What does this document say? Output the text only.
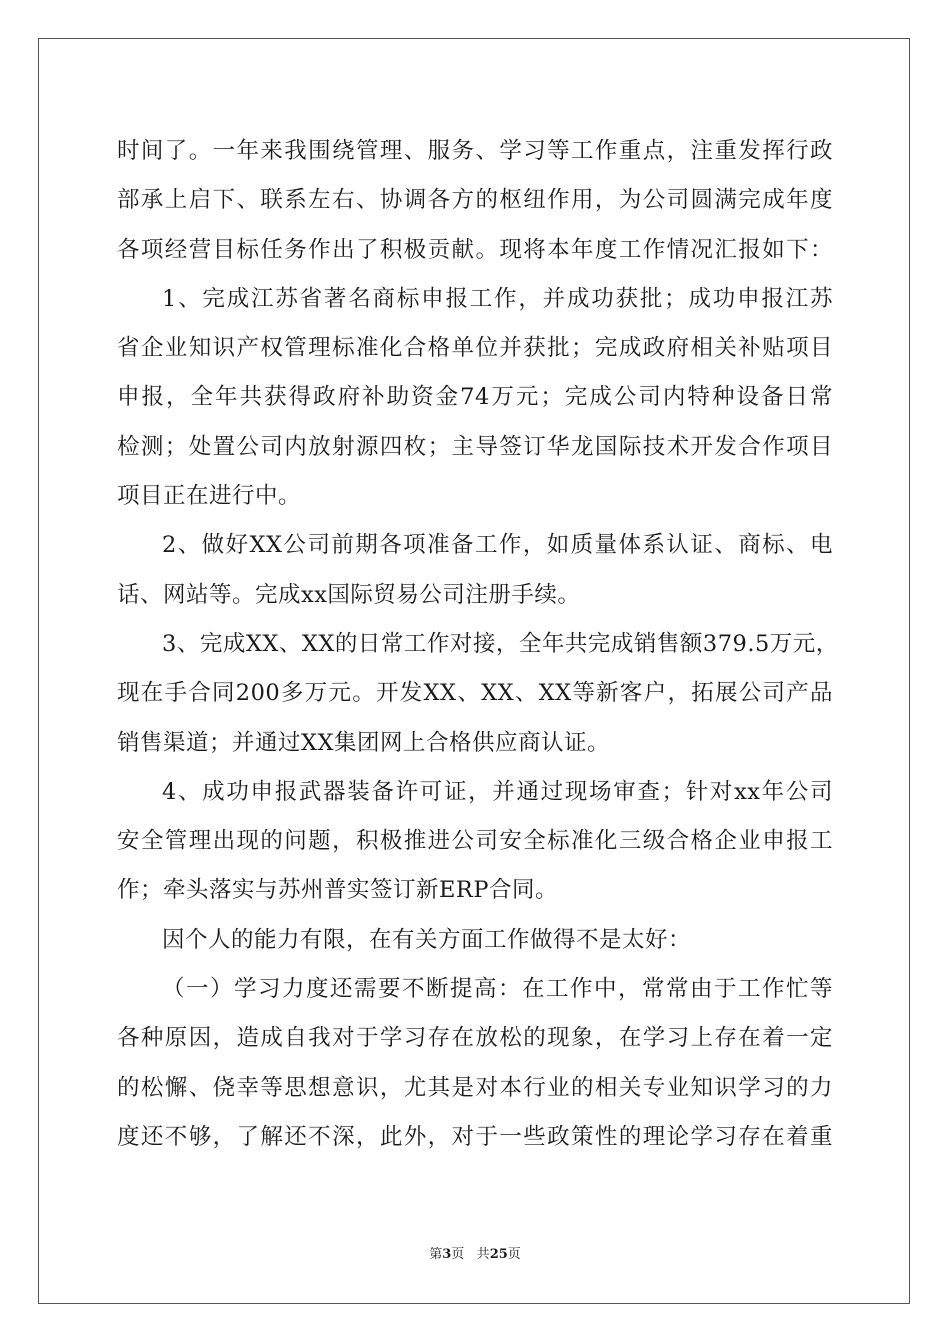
时间了。一年来我围绕管理、服务、学习等工作重点，注重发挥行政
部承上启下、联系左右、协调各方的枢纽作用，为公司圆满完成年度
各项经营目标任务作出了积极贡献。现将本年度工作情况汇报如下：
1、完成江苏省著名商标申报工作，并成功获批；成功申报江苏
省企业知识产权管理标准化合格单位并获批；完成政府相关补贴项目
申报，全年共获得政府补助资金74万元；完成公司内特种设备日常
检测；处置公司内放射源四枚；主导签订华龙国际技术开发合作项目
项目正在进行中。
2、做好XX公司前期各项准备工作，如质量体系认证、商标、电
话、网站等。完成xx国际贸易公司注册手续。
3、完成XX、XX的日常工作对接，全年共完成销售额379.5万元，
现在手合同200多万元。开发XX、XX、XX等新客户，拓展公司产品
销售渠道；并通过XX集团网上合格供应商认证。
4、成功申报武器装备许可证，并通过现场审查；针对xx年公司
安全管理出现的问题，积极推进公司安全标准化三级合格企业申报工
作；牵头落实与苏州普实签订新ERP合同。
因个人的能力有限，在有关方面工作做得不是太好：
（一）学习力度还需要不断提高：在工作中，常常由于工作忙等
各种原因，造成自我对于学习存在放松的现象，在学习上存在着一定
的松懈、侥幸等思想意识，尤其是对本行业的相关专业知识学习的力
度还不够，了解还不深，此外，对于一些政策性的理论学习存在着重
第3页 共25页
